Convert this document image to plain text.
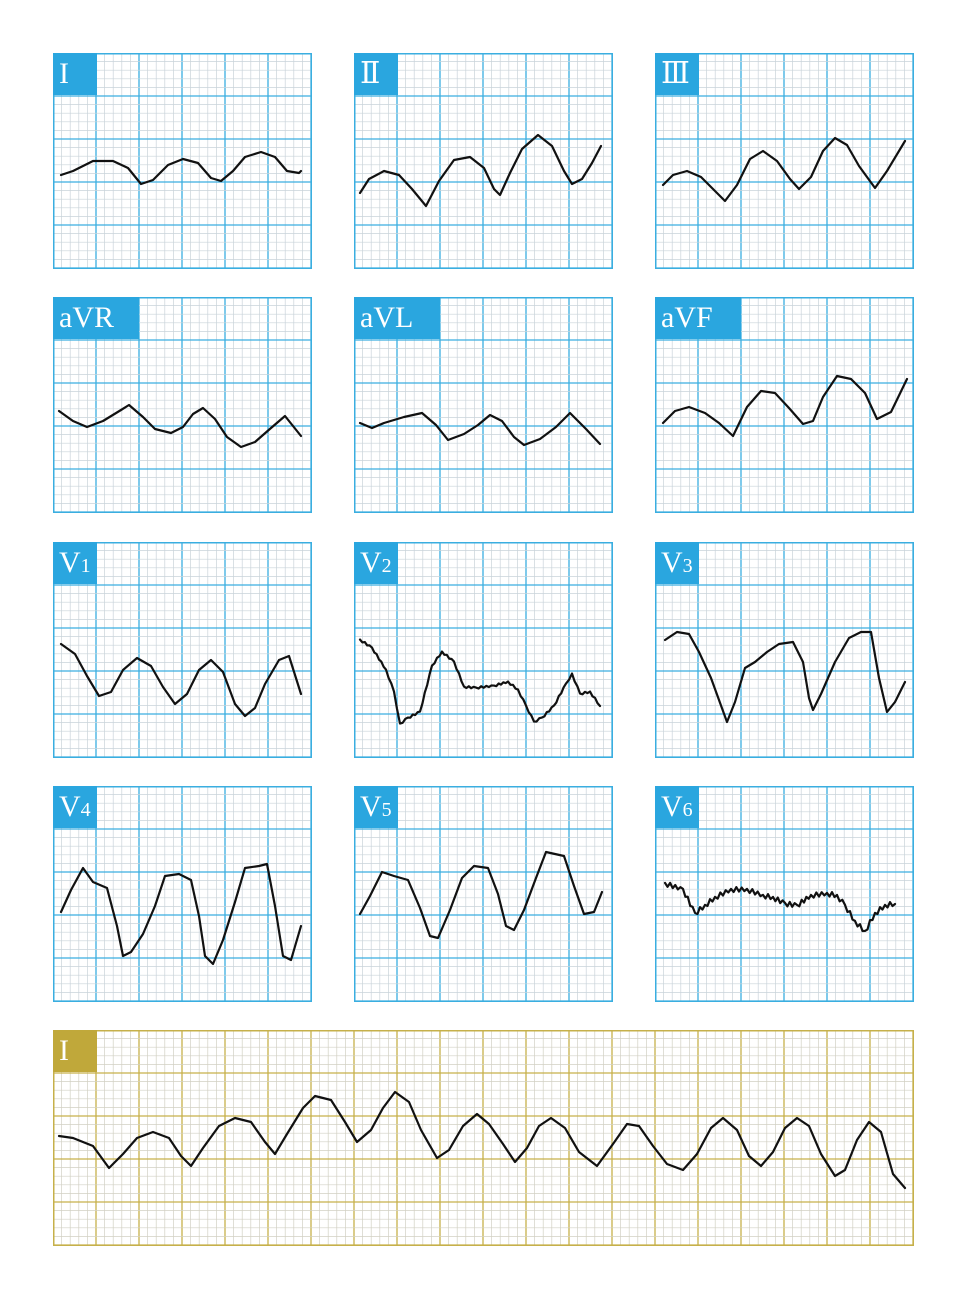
I	Ⅱ	Ⅲ
aVR	aVL	aVF
V1	V2	V3
V4	V5	V6
I
